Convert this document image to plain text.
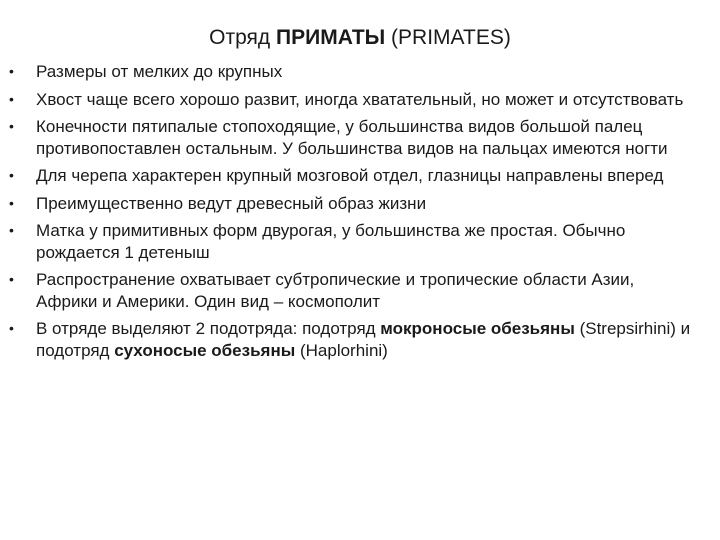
Отряд ПРИМАТЫ (PRIMATES)
• Размеры от мелких до крупных
• Хвост чаще всего хорошо развит, иногда хватательный, но может и отсутствовать
• Конечности пятипалые стопоходящие, у большинства видов большой палец противопоставлен остальным. У большинства видов на пальцах имеются ногти
• Для черепа характерен крупный мозговой отдел, глазницы направлены вперед
• Преимущественно ведут древесный образ жизни
• Матка у примитивных форм двурогая, у большинства же простая. Обычно рождается 1 детеныш
• Распространение охватывает субтропические и тропические области Азии, Африки и Америки. Один вид – космополит
• В отряде выделяют 2 подотряда: подотряд мокроносые обезьяны (Strepsirhini) и подотряд сухоносые обезьяны (Haplorhini)
